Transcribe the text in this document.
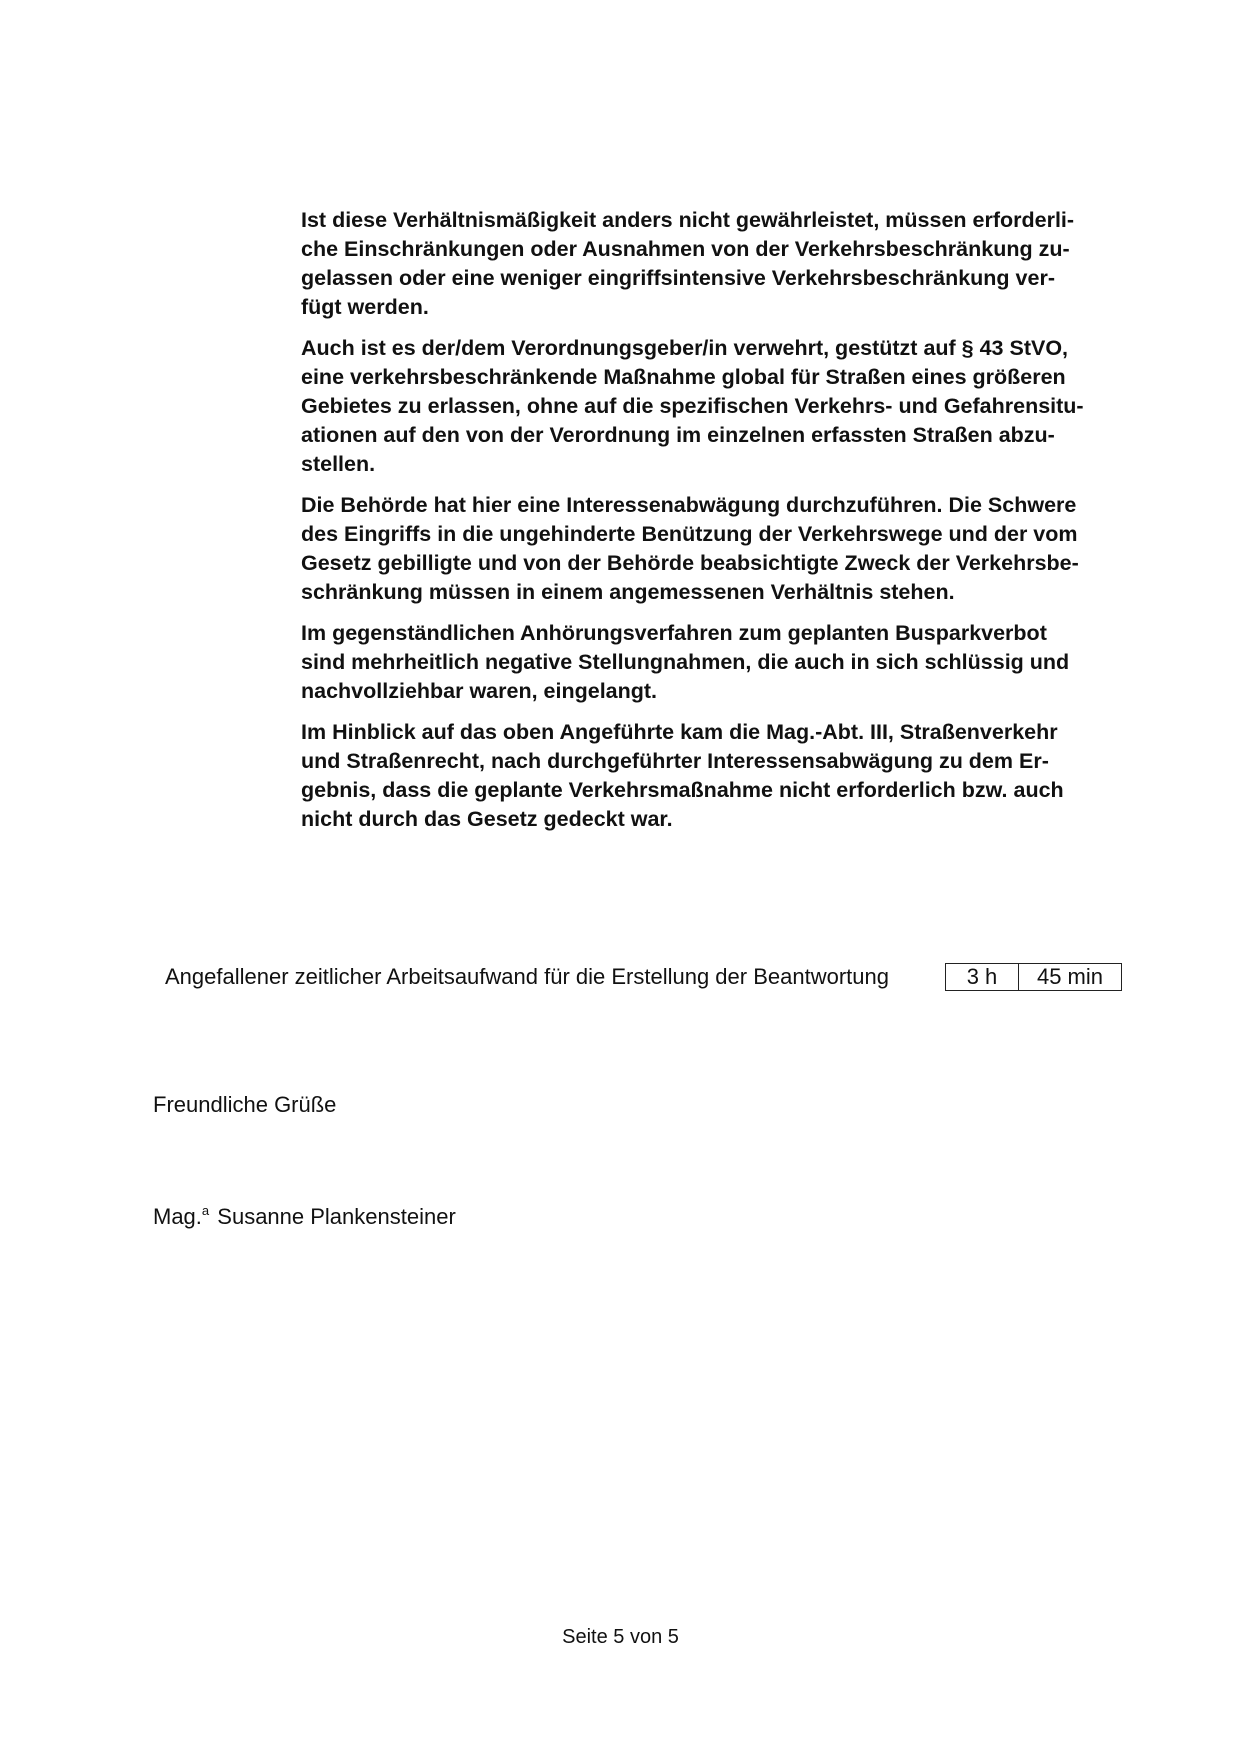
Ist diese Verhältnismäßigkeit anders nicht gewährleistet, müssen erforderli-
che Einschränkungen oder Ausnahmen von der Verkehrsbeschränkung zu-
gelassen oder eine weniger eingriffsintensive Verkehrsbeschränkung ver-
fügt werden.

Auch ist es der/dem Verordnungsgeber/in verwehrt, gestützt auf § 43 StVO,
eine verkehrsbeschränkende Maßnahme global für Straßen eines größeren
Gebietes zu erlassen, ohne auf die spezifischen Verkehrs- und Gefahrensitu-
ationen auf den von der Verordnung im einzelnen erfassten Straßen abzu-
stellen.

Die Behörde hat hier eine Interessenabwägung durchzuführen. Die Schwere
des Eingriffs in die ungehinderte Benützung der Verkehrswege und der vom
Gesetz gebilligte und von der Behörde beabsichtigte Zweck der Verkehrsbe-
schränkung müssen in einem angemessenen Verhältnis stehen.

Im gegenständlichen Anhörungsverfahren zum geplanten Busparkverbot
sind mehrheitlich negative Stellungnahmen, die auch in sich schlüssig und
nachvollziehbar waren, eingelangt.

Im Hinblick auf das oben Angeführte kam die Mag.-Abt. III, Straßenverkehr
und Straßenrecht, nach durchgeführter Interessensabwägung zu dem Er-
gebnis, dass die geplante Verkehrsmaßnahme nicht erforderlich bzw. auch
nicht durch das Gesetz gedeckt war.

Angefallener zeitlicher Arbeitsaufwand für die Erstellung der Beantwortung	3 h	45 min
Freundliche Grüße
Mag.$^a$ Susanne Plankensteiner
Seite 5 von 5
